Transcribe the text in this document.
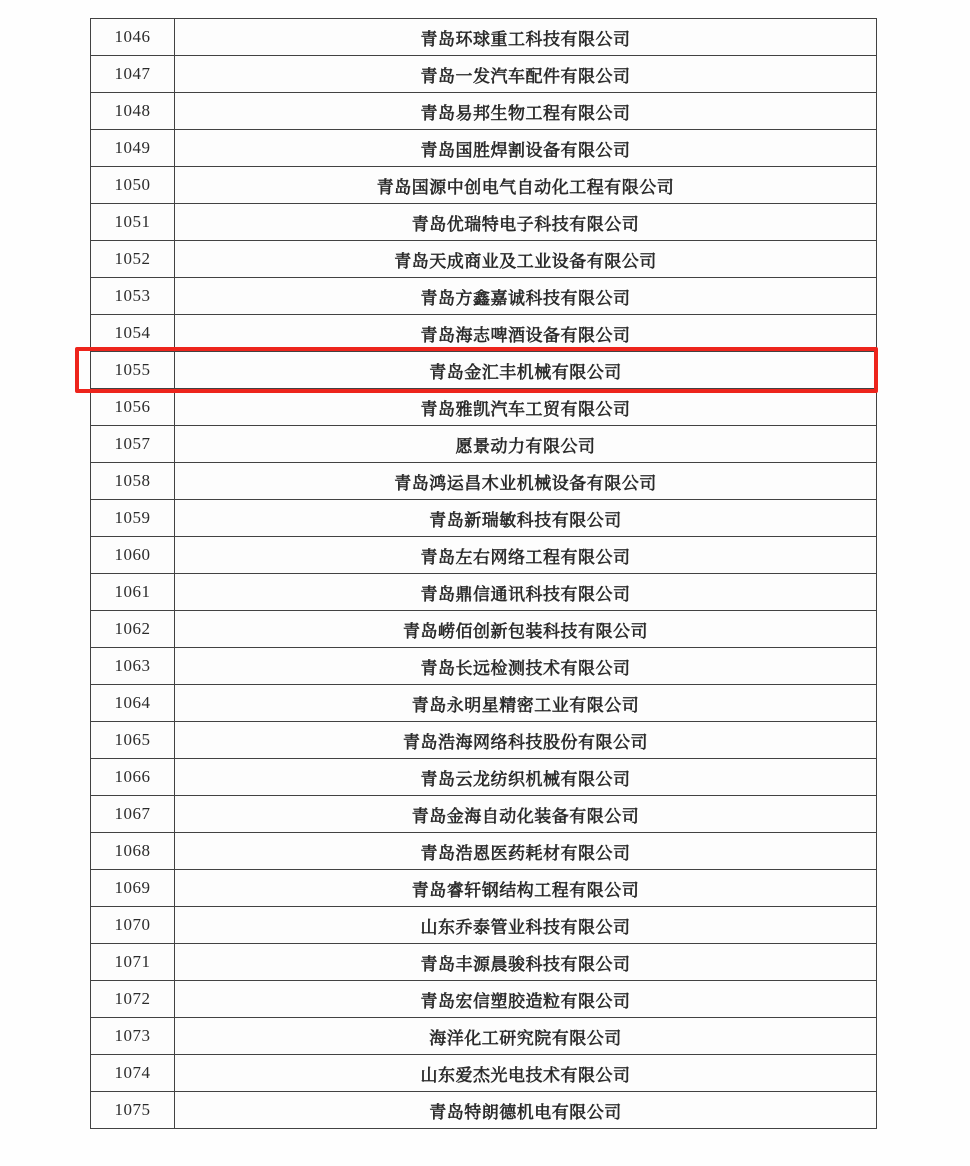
1046	青岛环球重工科技有限公司
1047	青岛一发汽车配件有限公司
1048	青岛易邦生物工程有限公司
1049	青岛国胜焊割设备有限公司
1050	青岛国源中创电气自动化工程有限公司
1051	青岛优瑞特电子科技有限公司
1052	青岛天成商业及工业设备有限公司
1053	青岛方鑫嘉诚科技有限公司
1054	青岛海志啤酒设备有限公司
1055	青岛金汇丰机械有限公司
1056	青岛雅凯汽车工贸有限公司
1057	愿景动力有限公司
1058	青岛鸿运昌木业机械设备有限公司
1059	青岛新瑞敏科技有限公司
1060	青岛左右网络工程有限公司
1061	青岛鼎信通讯科技有限公司
1062	青岛崂佰创新包装科技有限公司
1063	青岛长远检测技术有限公司
1064	青岛永明星精密工业有限公司
1065	青岛浩海网络科技股份有限公司
1066	青岛云龙纺织机械有限公司
1067	青岛金海自动化装备有限公司
1068	青岛浩恩医药耗材有限公司
1069	青岛睿轩钢结构工程有限公司
1070	山东乔泰管业科技有限公司
1071	青岛丰源晨骏科技有限公司
1072	青岛宏信塑胶造粒有限公司
1073	海洋化工研究院有限公司
1074	山东爱杰光电技术有限公司
1075	青岛特朗德机电有限公司
